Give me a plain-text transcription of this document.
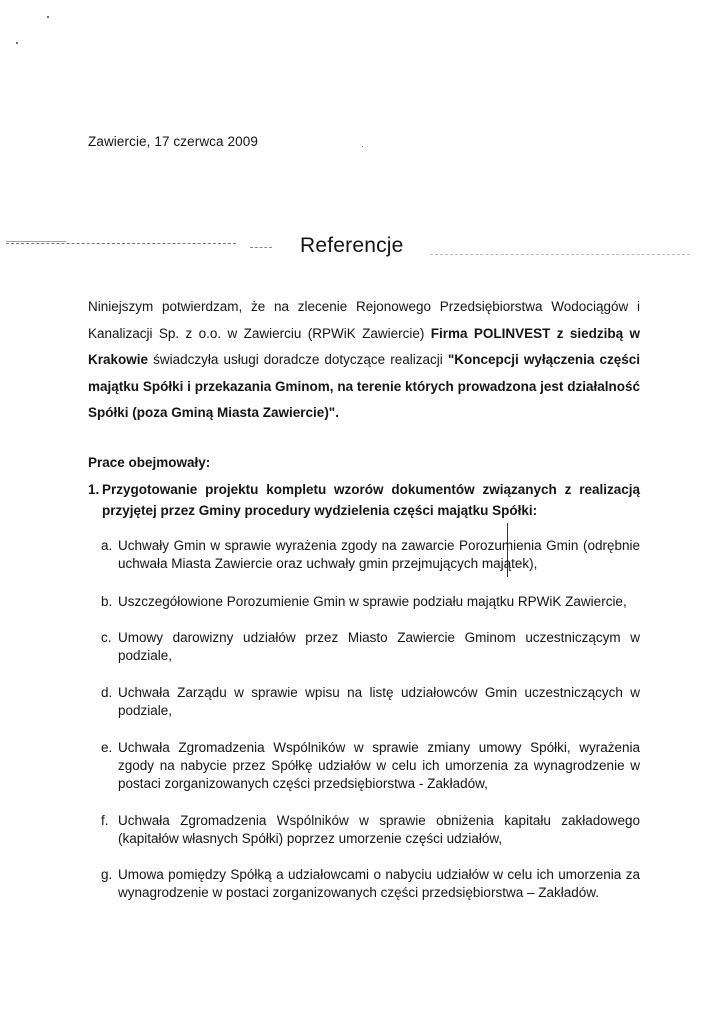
Zawiercie, 17 czerwca 2009
Referencje
Niniejszym potwierdzam, że na zlecenie Rejonowego Przedsiębiorstwa Wodociągów i Kanalizacji Sp. z o.o. w Zawierciu (RPWiK Zawiercie) Firma POLINVEST z siedzibą w Krakowie świadczyła usługi doradcze dotyczące realizacji "Koncepcji wyłączenia części majątku Spółki i przekazania Gminom, na terenie których prowadzona jest działalność Spółki (poza Gminą Miasta Zawiercie)".
Prace obejmowały:
1. Przygotowanie projektu kompletu wzorów dokumentów związanych z realizacją przyjętej przez Gminy procedury wydzielenia części majątku Spółki:
a. Uchwały Gmin w sprawie wyrażenia zgody na zawarcie Porozumienia Gmin (odrębnie uchwała Miasta Zawiercie oraz uchwały gmin przejmujących majątek),
b. Uszczegółowione Porozumienie Gmin w sprawie podziału majątku RPWiK Zawiercie,
c. Umowy darowizny udziałów przez Miasto Zawiercie Gminom uczestniczącym w podziale,
d. Uchwała Zarządu w sprawie wpisu na listę udziałowców Gmin uczestniczących w podziale,
e. Uchwała Zgromadzenia Wspólników w sprawie zmiany umowy Spółki, wyrażenia zgody na nabycie przez Spółkę udziałów w celu ich umorzenia za wynagrodzenie w postaci zorganizowanych części przedsiębiorstwa - Zakładów,
f. Uchwała Zgromadzenia Wspólników w sprawie obniżenia kapitału zakładowego (kapitałów własnych Spółki) poprzez umorzenie części udziałów,
g. Umowa pomiędzy Spółką a udziałowcami o nabyciu udziałów w celu ich umorzenia za wynagrodzenie w postaci zorganizowanych części przedsiębiorstwa – Zakładów.
